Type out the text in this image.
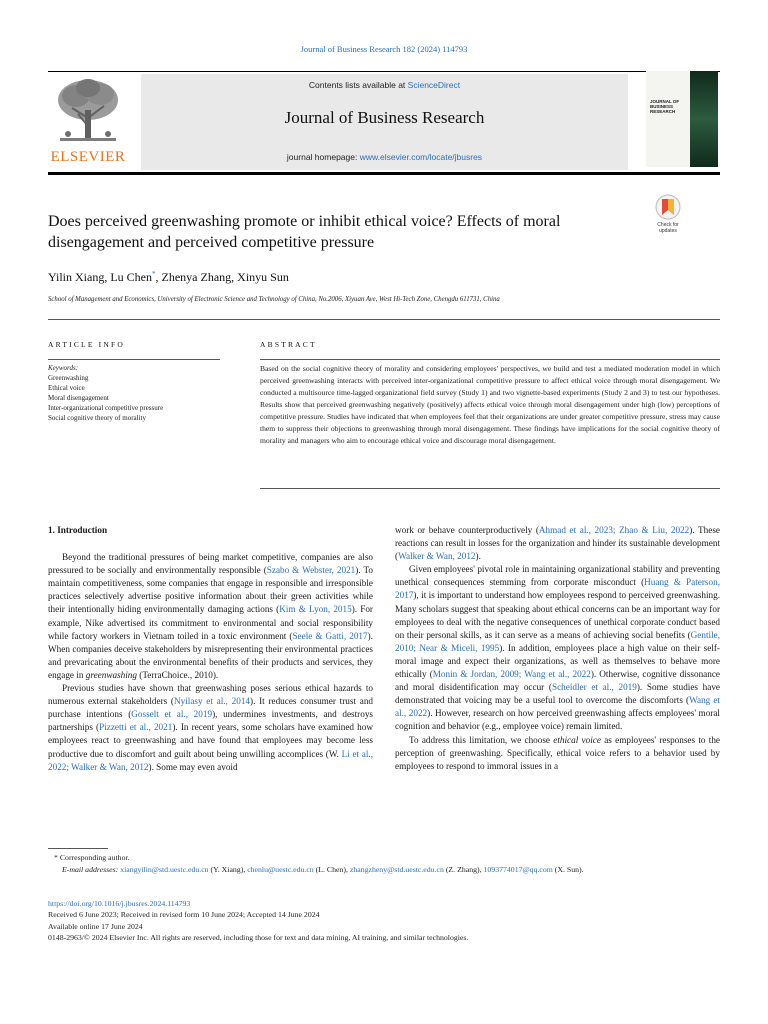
Journal of Business Research 182 (2024) 114793
ELSEVIER
Contents lists available at ScienceDirect
Journal of Business Research
journal homepage: www.elsevier.com/locate/jbusres
JOURNAL OF BUSINESS RESEARCH
Does perceived greenwashing promote or inhibit ethical voice? Effects of moral disengagement and perceived competitive pressure
Check for
updates
Yilin Xiang, Lu Chen*, Zhenya Zhang, Xinyu Sun
School of Management and Economics, University of Electronic Science and Technology of China, No.2006, Xiyuan Ave, West Hi-Tech Zone, Chengdu 611731, China
ARTICLE INFO	ABSTRACT
Keywords:
Greenwashing
Ethical voice
Moral disengagement
Inter-organizational competitive pressure
Social cognitive theory of morality
Based on the social cognitive theory of morality and considering employees' perspectives, we build and test a mediated moderation model in which perceived greenwashing interacts with perceived inter-organizational competitive pressure to affect ethical voice through moral disengagement. We conducted a multisource time-lagged organizational field survey (Study 1) and two vignette-based experiments (Study 2 and 3) to test our hypotheses. Results show that perceived greenwashing negatively (positively) affects ethical voice through moral disengagement under high (low) perceptions of competitive pressure. Studies have indicated that when employees feel that their organizations are under greater competitive pressure, stress may cause them to suppress their objections to greenwashing through moral disengagement. These findings have implications for the social cognitive theory of morality and managers who aim to encourage ethical voice and discourage moral disengagement.
1. Introduction

Beyond the traditional pressures of being market competitive, companies are also pressured to be socially and environmentally responsible (Szabo & Webster, 2021). To maintain competitiveness, some companies that engage in responsible and irresponsible practices selectively advertise positive information about their green activities while their intentionally hiding environmentally damaging actions (Kim & Lyon, 2015). For example, Nike advertised its commitment to environmental and social responsibility while factory workers in Vietnam toiled in a toxic environment (Seele & Gatti, 2017). When companies deceive stakeholders by misrepresenting their environmental practices and prevaricating about the environmental benefits of their products and services, they engage in greenwashing (TerraChoice., 2010).

Previous studies have shown that greenwashing poses serious ethical hazards to numerous external stakeholders (Nyilasy et al., 2014). It reduces consumer trust and purchase intentions (Gosselt et al., 2019), undermines investments, and destroys partnerships (Pizzetti et al., 2021). In recent years, some scholars have examined how employees react to greenwashing and have found that employees may become less productive due to discomfort and guilt about being unwilling accomplices (W. Li et al., 2022; Walker & Wan, 2012). Some may even avoid

work or behave counterproductively (Ahmad et al., 2023; Zhao & Liu, 2022). These reactions can result in losses for the organization and hinder its sustainable development (Walker & Wan, 2012).

Given employees' pivotal role in maintaining organizational stability and preventing unethical consequences stemming from corporate misconduct (Huang & Paterson, 2017), it is important to understand how employees respond to perceived greenwashing. Many scholars suggest that speaking about ethical concerns can be an important way for employees to deal with the negative consequences of unethical corporate conduct based on their personal skills, as it can serve as a means of achieving social benefits (Gentile, 2010; Near & Miceli, 1995). In addition, employees place a high value on their self-moral image and expect their organizations, as well as themselves to behave more ethically (Monin & Jordan, 2009; Wang et al., 2022). Otherwise, cognitive dissonance and moral disidentification may occur (Scheidler et al., 2019). Some studies have demonstrated that voicing may be a useful tool to overcome the discomforts (Wang et al., 2022). However, research on how perceived greenwashing affects employees' moral cognition and behavior (e.g., employee voice) remain limited.

To address this limitation, we choose ethical voice as employees' responses to the perception of greenwashing. Specifically, ethical voice refers to a behavior used by employees to respond to immoral issues in a

* Corresponding author.
E-mail addresses: xiangyilin@std.uestc.edu.cn (Y. Xiang), chenlu@uestc.edu.cn (L. Chen), zhangzheny@std.uestc.edu.cn (Z. Zhang), 1093774017@qq.com (X. Sun).
https://doi.org/10.1016/j.jbusres.2024.114793
Received 6 June 2023; Received in revised form 10 June 2024; Accepted 14 June 2024
Available online 17 June 2024
0148-2963/© 2024 Elsevier Inc. All rights are reserved, including those for text and data mining, AI training, and similar technologies.
